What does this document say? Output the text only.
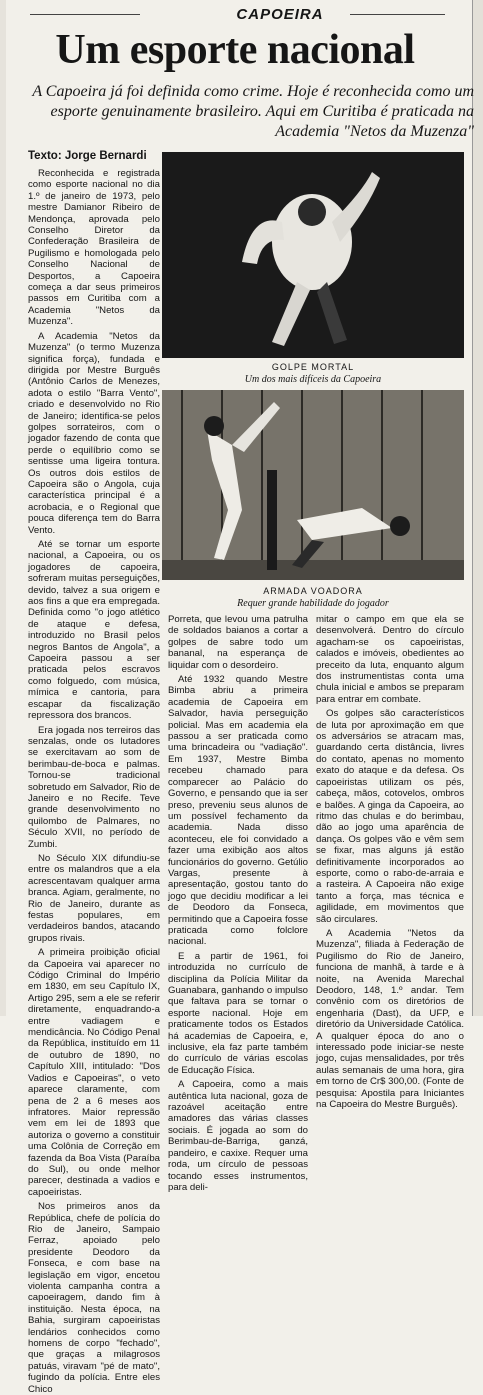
CAPOEIRA
Um esporte nacional
A Capoeira já foi definida como crime. Hoje é reconhecida como um esporte genuinamente brasileiro. Aqui em Curitiba é praticada na Academia "Netos da Muzenza"
Texto: Jorge Bernardi

Reconhecida e registrada como esporte nacional no dia 1.º de janeiro de 1973, pelo mestre Damianor Ribeiro de Mendonça, aprovada pelo Conselho Diretor da Confederação Brasileira de Pugilismo e homologada pelo Conselho Nacional de Desportos, a Capoeira começa a dar seus primeiros passos em Curitiba com a Academia "Netos da Muzenza".

A Academia "Netos da Muzenza" (o termo Muzenza significa força), fundada e dirigida por Mestre Burguês (Antônio Carlos de Menezes, adota o estilo "Barra Vento", criado e desenvolvido no Rio de Janeiro; identifica-se pelos golpes sorrateiros, com o jogador fazendo de conta que perde o equilíbrio como se sentisse uma ligeira tontura. Os outros dois estilos de Capoeira são o Angola, cuja característica principal é a acrobacia, e o Regional que pouca diferença tem do Barra Vento.

Até se tornar um esporte nacional, a Capoeira, ou os jogadores de capoeira, sofreram muitas perseguições, devido, talvez a sua origem e aos fins a que era empregada. Definida como "o jogo atlético de ataque e defesa, introduzido no Brasil pelos negros Bantos de Angola", a Capoeira passou a ser praticada pelos escravos como folguedo, com música, mímica e cantoria, para escapar da fiscalização repressora dos brancos.

Era jogada nos terreiros das senzalas, onde os lutadores se exercitavam ao som de berimbau-de-boca e palmas. Tornou-se tradicional sobretudo em Salvador, Rio de Janeiro e no Recife. Teve grande desenvolvimento no quilombo de Palmares, no Século XVII, no período de Zumbi.

No Século XIX difundiu-se entre os malandros que a ela acrescentavam qualquer arma branca. Agiam, geralmente, no Rio de Janeiro, durante as festas populares, em verdadeiros bandos, atacando grupos rivais.

A primeira proibição oficial da Capoeira vai aparecer no Código Criminal do Império em 1830, em seu Capítulo IX, Artigo 295, sem a ele se referir diretamente, enquadrando-a entre vadiagem e mendicância. No Código Penal da República, instituído em 11 de outubro de 1890, no Capítulo XIII, intitulado: "Dos Vadios e Capoeiras", o veto aparece claramente, com pena de 2 a 6 meses aos infratores. Maior repressão vem em lei de 1893 que autoriza o governo a constituir uma Colônia de Correção em fazenda da Boa Vista (Paraíba do Sul), ou onde melhor parecer, destinada a vadios e capoeiristas.

Nos primeiros anos da República, chefe de polícia do Rio de Janeiro, Sampaio Ferraz, apoiado pelo presidente Deodoro da Fonseca, e com base na legislação em vigor, encetou violenta campanha contra a capoeiragem, dando fim à instituição. Nesta época, na Bahia, surgiram capoeiristas lendários conhecidos como homens de corpo "fechado", que graças a milagrosos patuás, viravam "pé de mato", fugindo da polícia. Entre eles Chico

GOLPE MORTAL
Um dos mais difíceis da Capoeira
ARMADA VOADORA
Requer grande habilidade do jogador

Porreta, que levou uma patrulha de soldados baianos a cortar a golpes de sabre todo um bananal, na esperança de liquidar com o desordeiro.

Até 1932 quando Mestre Bimba abriu a primeira academia de Capoeira em Salvador, havia perseguição policial. Mas em academia ela passou a ser praticada como uma brincadeira ou "vadiação". Em 1937, Mestre Bimba recebeu chamado para comparecer ao Palácio do Governo, e pensando que ia ser preso, preveniu seus alunos de um possível fechamento da academia. Nada disso aconteceu, ele foi convidado a fazer uma exibição aos altos funcionários do governo. Getúlio Vargas, presente à apresentação, gostou tanto do jogo que decidiu modificar a lei de Deodoro da Fonseca, permitindo que a Capoeira fosse praticada como folclore nacional.

E a partir de 1961, foi introduzida no currículo de disciplina da Polícia Militar da Guanabara, ganhando o impulso que faltava para se tornar o esporte nacional. Hoje em praticamente todos os Estados há academias de Capoeira, e, inclusive, ela faz parte também do currículo de várias escolas de Educação Física.

A Capoeira, como a mais autêntica luta nacional, goza de razoável aceitação entre amadores das várias classes sociais. É jogada ao som do Berimbau-de-Barriga, ganzá, pandeiro, e caxixe. Requer uma roda, um círculo de pessoas tocando esses instrumentos, para deli-

mitar o campo em que ela se desenvolverá. Dentro do círculo agacham-se os capoeiristas, calados e imóveis, obedientes ao preceito da luta, enquanto algum dos instrumentistas conta uma chula inicial e ambos se preparam para entrar em combate.

Os golpes são característicos de luta por aproximação em que os adversários se atracam mas, guardando certa distância, livres do contato, apenas no momento exato do ataque e da defesa. Os capoeiristas utilizam os pés, cabeça, mãos, cotovelos, ombros e balões. A ginga da Capoeira, ao ritmo das chulas e do berimbau, dão ao jogo uma aparência de dança. Os golpes vão e vêm sem se fixar, mas alguns já estão definitivamente incorporados ao esporte, como o rabo-de-arraia e a rasteira. A Capoeira não exige tanto a força, mas técnica e agilidade, em movimentos que são circulares.

A Academia "Netos da Muzenza", filiada à Federação de Pugilismo do Rio de Janeiro, funciona de manhã, à tarde e à noite, na Avenida Marechal Deodoro, 148, 1.º andar. Tem convênio com os diretórios de engenharia (Dast), da UFP, e diretório da Universidade Católica. A qualquer época do ano o interessado pode iniciar-se neste jogo, cujas mensalidades, por três aulas semanais de uma hora, gira em torno de Cr$ 300,00. (Fonte de pesquisa: Apostila para Iniciantes na Capoeira do Mestre Burguês).
